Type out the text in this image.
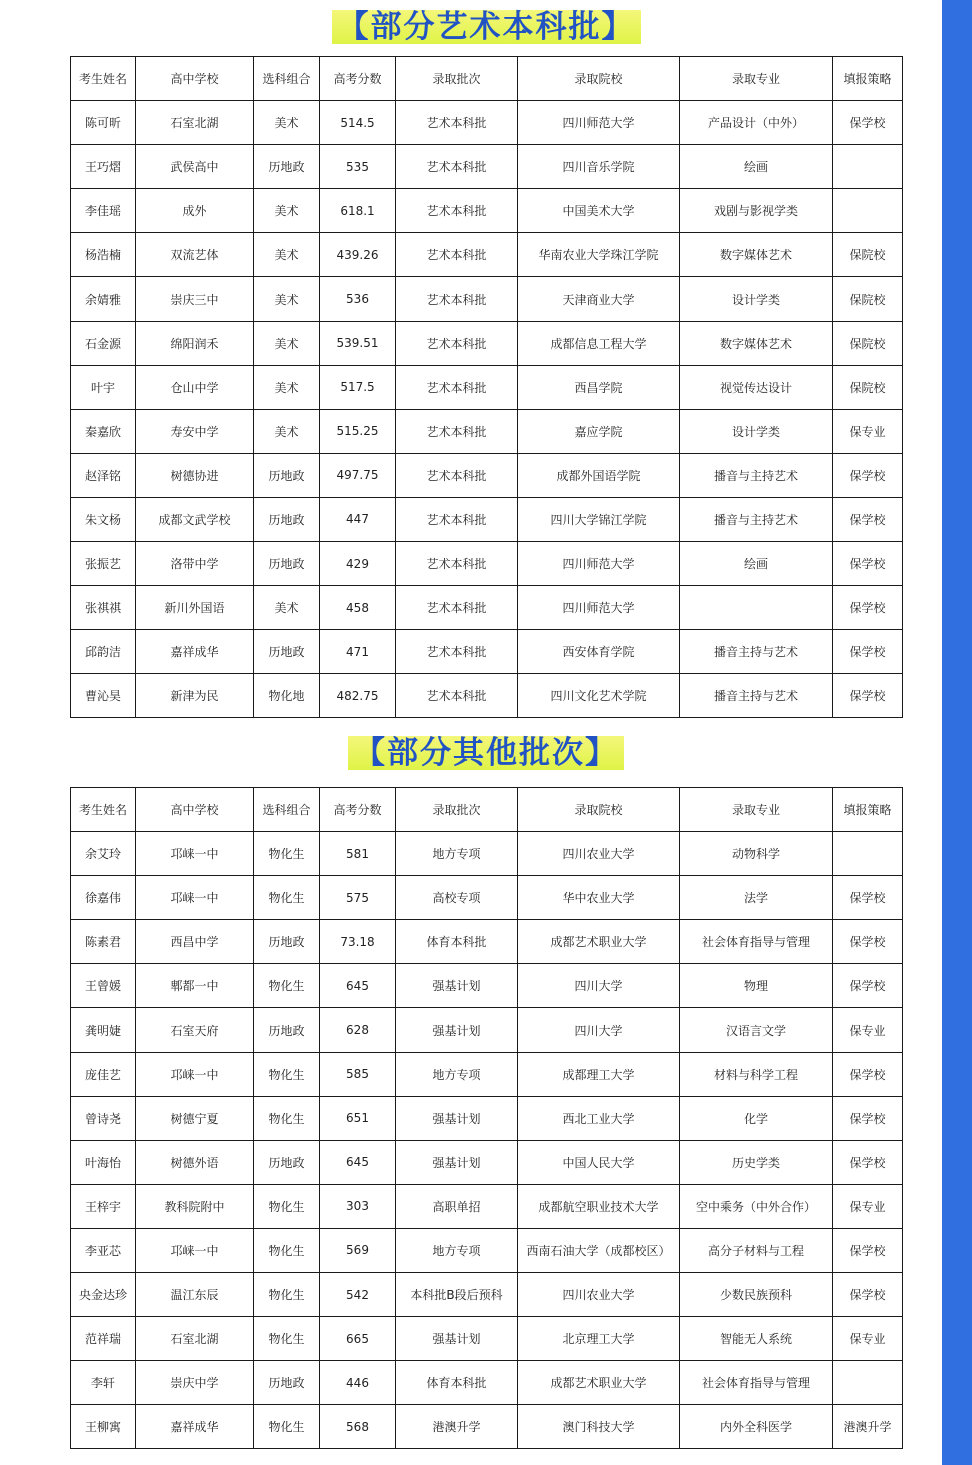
【部分艺术本科批】
考生姓名	高中学校	选科组合	高考分数	录取批次	录取院校	录取专业	填报策略
陈可昕	石室北湖	美术	514.5	艺术本科批	四川师范大学	产品设计（中外）	保学校
王巧熠	武侯高中	历地政	535	艺术本科批	四川音乐学院	绘画	
李佳瑶	成外	美术	618.1	艺术本科批	中国美术大学	戏剧与影视学类	
杨浩楠	双流艺体	美术	439.26	艺术本科批	华南农业大学珠江学院	数字媒体艺术	保院校
余婧雅	崇庆三中	美术	536	艺术本科批	天津商业大学	设计学类	保院校
石金源	绵阳润禾	美术	539.51	艺术本科批	成都信息工程大学	数字媒体艺术	保院校
叶宇	仓山中学	美术	517.5	艺术本科批	西昌学院	视觉传达设计	保院校
秦嘉欣	寿安中学	美术	515.25	艺术本科批	嘉应学院	设计学类	保专业
赵泽铭	树德协进	历地政	497.75	艺术本科批	成都外国语学院	播音与主持艺术	保学校
朱文杨	成都文武学校	历地政	447	艺术本科批	四川大学锦江学院	播音与主持艺术	保学校
张振艺	洛带中学	历地政	429	艺术本科批	四川师范大学	绘画	保学校
张祺祺	新川外国语	美术	458	艺术本科批	四川师范大学		保学校
邱韵洁	嘉祥成华	历地政	471	艺术本科批	西安体育学院	播音主持与艺术	保学校
曹沁昊	新津为民	物化地	482.75	艺术本科批	四川文化艺术学院	播音主持与艺术	保学校
【部分其他批次】
考生姓名	高中学校	选科组合	高考分数	录取批次	录取院校	录取专业	填报策略
余艾玲	邛崃一中	物化生	581	地方专项	四川农业大学	动物科学	
徐嘉伟	邛崃一中	物化生	575	高校专项	华中农业大学	法学	保学校
陈素君	西昌中学	历地政	73.18	体育本科批	成都艺术职业大学	社会体育指导与管理	保学校
王曾媛	郫都一中	物化生	645	强基计划	四川大学	物理	保学校
龚明婕	石室天府	历地政	628	强基计划	四川大学	汉语言文学	保专业
庞佳艺	邛崃一中	物化生	585	地方专项	成都理工大学	材料与科学工程	保学校
曾诗尧	树德宁夏	物化生	651	强基计划	西北工业大学	化学	保学校
叶海怡	树德外语	历地政	645	强基计划	中国人民大学	历史学类	保学校
王梓宇	教科院附中	物化生	303	高职单招	成都航空职业技术大学	空中乘务（中外合作）	保专业
李亚芯	邛崃一中	物化生	569	地方专项	西南石油大学（成都校区）	高分子材料与工程	保学校
央金达珍	温江东辰	物化生	542	本科批B段后预科	四川农业大学	少数民族预科	保学校
范祥瑞	石室北湖	物化生	665	强基计划	北京理工大学	智能无人系统	保专业
李轩	崇庆中学	历地政	446	体育本科批	成都艺术职业大学	社会体育指导与管理	
王柳寓	嘉祥成华	物化生	568	港澳升学	澳门科技大学	内外全科医学	港澳升学
